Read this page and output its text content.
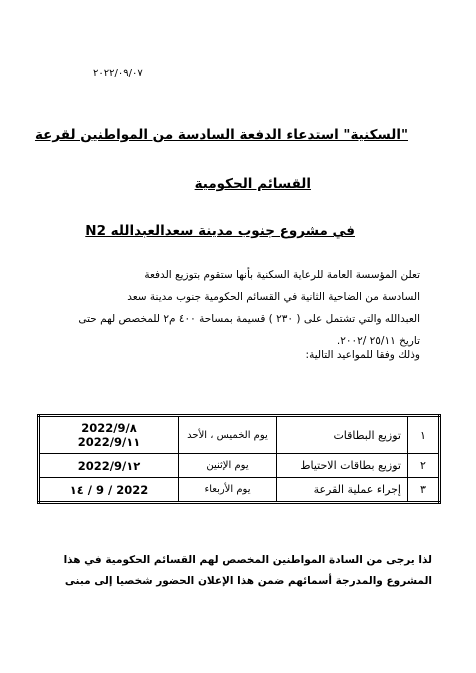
٢٠٢٢/٠٩/٠٧
"السكنية" استدعاء الدفعة السادسة من المواطنين لقرعة
القسائم الحكومية
في مشروع جنوب مدينة سعدالعبدالله N2

تعلن المؤسسة العامة للرعاية السكنية بأنها ستقوم بتوزيع الدفعة

السادسة من الضاحية الثانية في القسائم الحكومية جنوب مدينة سعد

العبدالله والتي تشتمل على ( ٢٣٠ ) قسيمة بمساحة ٤٠٠ م٢ للمخصص لهم حتى

تاريخ ٢٥/١١ /٢٠٠٢.

وذلك وفقا للمواعيد التالية:
١	توزيع البطاقات	يوم الخميس ، الأحد	2022/9/٨
2022/9/١١

٢	توزيع بطاقات الاحتياط	يوم الإثنين	2022/9/١٢
٣	إجراء عملية القرعة	يوم الأربعاء	١٤ / 9 / 2022

لذا يرجى من السادة المواطنين المخصص لهم القسائم الحكومية في هذا

المشروع والمدرجة أسمائهم ضمن هذا الإعلان الحضور شخصيا إلى مبنى
